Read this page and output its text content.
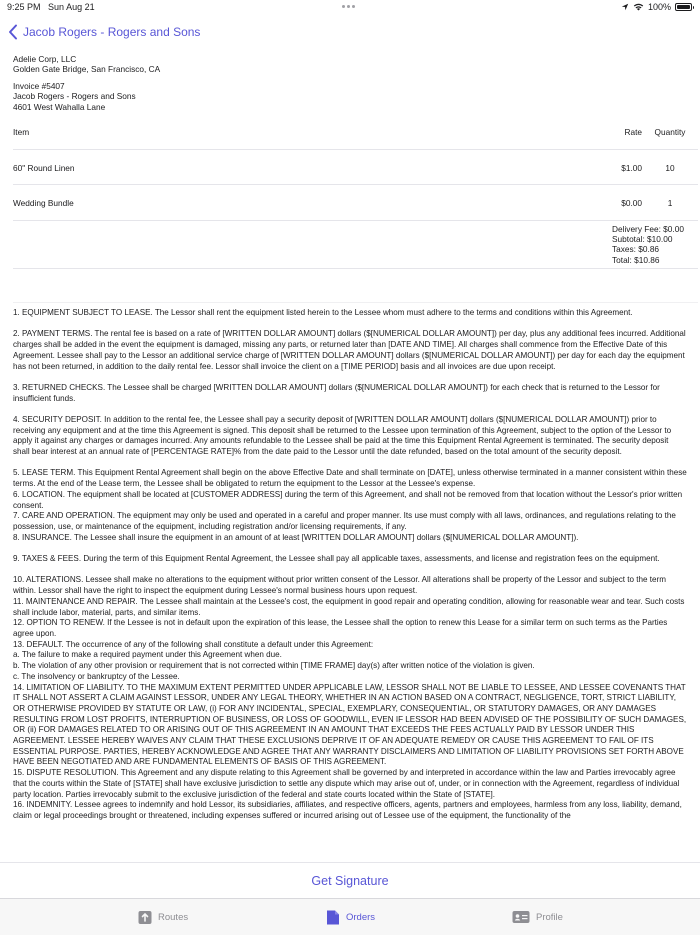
9:25 PM Sun Aug 21	100%
Jacob Rogers - Rogers and Sons
Adelie Corp, LLC
Golden Gate Bridge, San Francisco, CA
Invoice #5407
Jacob Rogers - Rogers and Sons
4601 West Wahalla Lane
Item	Rate	Quantity
60" Round Linen	$1.00	10
Wedding Bundle	$0.00	1
Delivery Fee: $0.00
Subtotal: $10.00
Taxes: $0.86
Total: $10.86

1. EQUIPMENT SUBJECT TO LEASE. The Lessor shall rent the equipment listed herein to the Lessee whom must adhere to the terms and conditions within this Agreement.

2. PAYMENT TERMS. The rental fee is based on a rate of [WRITTEN DOLLAR AMOUNT] dollars ($[NUMERICAL DOLLAR AMOUNT]) per day, plus any additional fees incurred. Additional charges shall be added in the event the equipment is damaged, missing any parts, or returned later than [DATE AND TIME]. All charges shall commence from the Effective Date of this Agreement. Lessee shall pay to the Lessor an additional service charge of [WRITTEN DOLLAR AMOUNT] dollars ($[NUMERICAL DOLLAR AMOUNT]) per day for each day the equipment has not been returned, in addition to the daily rental fee. Lessor shall invoice the client on a [TIME PERIOD] basis and all invoices are due upon receipt.

3. RETURNED CHECKS. The Lessee shall be charged [WRITTEN DOLLAR AMOUNT] dollars ($[NUMERICAL DOLLAR AMOUNT]) for each check that is returned to the Lessor for insufficient funds.

4. SECURITY DEPOSIT. In addition to the rental fee, the Lessee shall pay a security deposit of [WRITTEN DOLLAR AMOUNT] dollars ($[NUMERICAL DOLLAR AMOUNT]) prior to receiving any equipment and at the time this Agreement is signed. This deposit shall be returned to the Lessee upon termination of this Agreement, subject to the option of the Lessor to apply it against any charges or damages incurred. Any amounts refundable to the Lessee shall be paid at the time this Equipment Rental Agreement is terminated. The security deposit shall bear interest at an annual rate of [PERCENTAGE RATE]% from the date paid to the Lessor until the date refunded, based on the total amount of the security deposit.

5. LEASE TERM. This Equipment Rental Agreement shall begin on the above Effective Date and shall terminate on [DATE], unless otherwise terminated in a manner consistent within these terms. At the end of the Lease term, the Lessee shall be obligated to return the equipment to the Lessor at the Lessee's expense.
6. LOCATION. The equipment shall be located at [CUSTOMER ADDRESS] during the term of this Agreement, and shall not be removed from that location without the Lessor's prior written consent.
7. CARE AND OPERATION. The equipment may only be used and operated in a careful and proper manner. Its use must comply with all laws, ordinances, and regulations relating to the possession, use, or maintenance of the equipment, including registration and/or licensing requirements, if any.
8. INSURANCE. The Lessee shall insure the equipment in an amount of at least [WRITTEN DOLLAR AMOUNT] dollars ($[NUMERICAL DOLLAR AMOUNT]).

9. TAXES & FEES. During the term of this Equipment Rental Agreement, the Lessee shall pay all applicable taxes, assessments, and license and registration fees on the equipment.

10. ALTERATIONS. Lessee shall make no alterations to the equipment without prior written consent of the Lessor. All alterations shall be property of the Lessor and subject to the term within. Lessor shall have the right to inspect the equipment during Lessee's normal business hours upon request.
11. MAINTENANCE AND REPAIR. The Lessee shall maintain at the Lessee's cost, the equipment in good repair and operating condition, allowing for reasonable wear and tear. Such costs shall include labor, material, parts, and similar items.
12. OPTION TO RENEW. If the Lessee is not in default upon the expiration of this lease, the Lessee shall the option to renew this Lease for a similar term on such terms as the Parties agree upon.
13. DEFAULT. The occurrence of any of the following shall constitute a default under this Agreement:
a. The failure to make a required payment under this Agreement when due.
b. The violation of any other provision or requirement that is not corrected within [TIME FRAME] day(s) after written notice of the violation is given.
c. The insolvency or bankruptcy of the Lessee.
14. LIMITATION OF LIABILITY. TO THE MAXIMUM EXTENT PERMITTED UNDER APPLICABLE LAW, LESSOR SHALL NOT BE LIABLE TO LESSEE, AND LESSEE COVENANTS THAT IT SHALL NOT ASSERT A CLAIM AGAINST LESSOR, UNDER ANY LEGAL THEORY, WHETHER IN AN ACTION BASED ON A CONTRACT, NEGLIGENCE, TORT, STRICT LIABILITY, OR OTHERWISE PROVIDED BY STATUTE OR LAW, (i) FOR ANY INCIDENTAL, SPECIAL, EXEMPLARY, CONSEQUENTIAL, OR STATUTORY DAMAGES, OR ANY DAMAGES RESULTING FROM LOST PROFITS, INTERRUPTION OF BUSINESS, OR LOSS OF GOODWILL, EVEN IF LESSOR HAD BEEN ADVISED OF THE POSSIBILITY OF SUCH DAMAGES, OR (ii) FOR DAMAGES RELATED TO OR ARISING OUT OF THIS AGREEMENT IN AN AMOUNT THAT EXCEEDS THE FEES ACTUALLY PAID BY LESSOR UNDER THIS AGREEMENT. LESSEE HEREBY WAIVES ANY CLAIM THAT THESE EXCLUSIONS DEPRIVE IT OF AN ADEQUATE REMEDY OR CAUSE THIS AGREEMENT TO FAIL OF ITS ESSENTIAL PURPOSE. PARTIES, HEREBY ACKNOWLEDGE AND AGREE THAT ANY WARRANTY DISCLAIMERS AND LIMITATION OF LIABILITY PROVISIONS SET FORTH ABOVE HAVE BEEN NEGOTIATED AND ARE FUNDAMENTAL ELEMENTS OF BASIS OF THIS AGREEMENT.
15. DISPUTE RESOLUTION. This Agreement and any dispute relating to this Agreement shall be governed by and interpreted in accordance within the law and Parties irrevocably agree that the courts within the State of [STATE] shall have exclusive jurisdiction to settle any dispute which may arise out of, under, or in connection with the Agreement, regardless of individual party location. Parties irrevocably submit to the exclusive jurisdiction of the federal and state courts located within the State of [STATE].
16. INDEMNITY. Lessee agrees to indemnify and hold Lessor, its subsidiaries, affiliates, and respective officers, agents, partners and employees, harmless from any loss, liability, demand, claim or legal proceedings brought or threatened, including expenses suffered or incurred arising out of Lessee use of the equipment, the functionality of the

Get Signature
Routes	Orders	Profile
